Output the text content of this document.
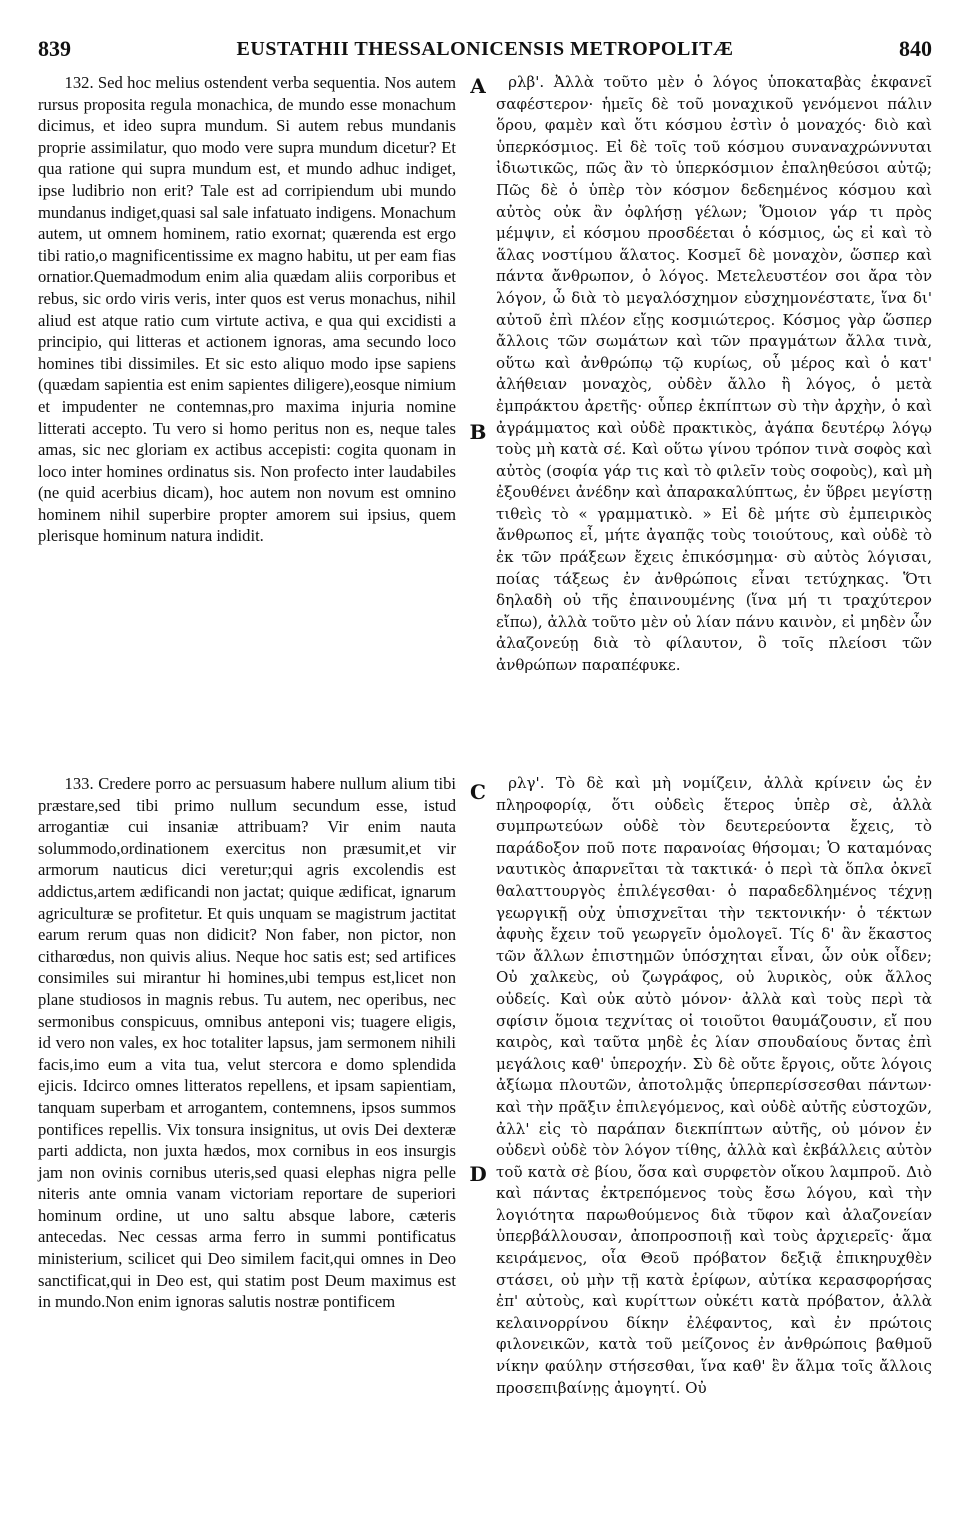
839	EUSTATHII THESSALONICENSIS METROPOLITÆ	840

132. Sed hoc melius ostendent verba sequentia. Nos autem rursus proposita regula monachica, de mundo esse monachum dicimus, et ideo supra mundum. Si autem rebus mundanis proprie assimilatur, quo modo vere supra mundum dicetur? Et qua ratione qui supra mundum est, et mundo adhuc indiget, ipse ludibrio non erit? Tale est ad corripiendum ubi mundo mundanus indiget,quasi sal sale infatuato indigens. Monachum autem, ut omnem hominem, ratio exornat; quærenda est ergo tibi ratio,o magnificentissime ex magno habitu, ut per eam fias ornatior.Quemadmodum enim alia quædam aliis corporibus et rebus, sic ordo viris veris, inter quos est verus monachus, nihil aliud est atque ratio cum virtute activa, e qua qui excidisti a principio, qui litteras et actionem ignoras, ama secundo loco homines tibi dissimiles. Et sic esto aliquo modo ipse sapiens (quædam sapientia est enim sapientes diligere),eosque nimium et impudenter ne contemnas,pro maxima injuria nomine litterati accepto. Tu vero si homo peritus non es, neque tales amas, sic nec gloriam ex actibus accepisti: cogita quonam in loco inter homines ordinatus sis. Non profecto inter laudabiles (ne quid acerbius dicam), hoc autem non novum est omnino hominem nihil superbire propter amorem sui ipsius, quem plerisque hominum natura indidit.

133. Credere porro ac persuasum habere nullum alium tibi præstare,sed tibi primo nullum secundum esse, istud arrogantiæ cui insaniæ attribuam? Vir enim nauta solummodo,ordinationem exercitus non præsumit,et vir armorum nauticus dici veretur;qui agris excolendis est addictus,artem ædificandi non jactat; quique ædificat, ignarum agriculturæ se profitetur. Et quis unquam se magistrum jactitat earum rerum quas non didicit? Non faber, non pictor, non citharœdus, non quivis alius. Neque hoc satis est; sed artifices consimiles sui mirantur hi homines,ubi tempus est,licet non plane studiosos in magnis rebus. Tu autem, nec operibus, nec sermonibus conspicuus, omnibus anteponi vis; tuagere eligis, id vero non vales, ex hoc totaliter lapsus, jam sermonem nihili facis,imo eum a vita tua, velut stercora e domo splendida ejicis. Idcirco omnes litteratos repellens, et ipsam sapientiam, tanquam superbam et arrogantem, contemnens, ipsos summos pontifices repellis. Vix tonsura insignitus, ut ovis Dei dexteræ parti addicta, non juxta hædos, mox cornibus in eos insurgis jam non ovinis cornibus uteris,sed quasi elephas nigra pelle niteris ante omnia vanam victoriam reportare de superiori hominum ordine, ut uno saltu absque labore, cæteris antecedas. Nec cessas arma ferro in summi pontificatus ministerium, scilicet qui Deo similem facit,qui omnes in Deo sanctificat,qui in Deo est, qui statim post Deum maximus est in mundo.Non enim ignoras salutis nostræ pontificem

A
B
C
D

ρλβ'. Ἀλλὰ τοῦτο μὲν ὁ λόγος ὑποκαταβὰς ἐκφανεῖ σαφέστερον· ἡμεῖς δὲ τοῦ μοναχικοῦ γενόμενοι πάλιν ὅρου, φαμὲν καὶ ὅτι κόσμου ἐστὶν ὁ μοναχός· διὸ καὶ ὑπερκόσμιος. Εἰ δὲ τοῖς τοῦ κόσμου συναναχρώννυται ἰδιωτικῶς, πῶς ἂν τὸ ὑπερκόσμιον ἐπαληθεύσοι αὐτῷ; Πῶς δὲ ὁ ὑπὲρ τὸν κόσμον δεδεημένος κόσμου καὶ αὐτὸς οὐκ ἂν ὀφλήσῃ γέλων; Ὅμοιον γάρ τι πρὸς μέμψιν, εἰ κόσμου προσδέεται ὁ κόσμιος, ὡς εἰ καὶ τὸ ἅλας νοστίμου ἅλατος. Κοσμεῖ δὲ μοναχὸν, ὥσπερ καὶ πάντα ἄνθρωπον, ὁ λόγος. Μετελευστέον σοι ἄρα τὸν λόγον, ὦ διὰ τὸ μεγαλόσχημον εὐσχημονέστατε, ἵνα δι' αὐτοῦ ἐπὶ πλέον εἴῃς κοσμιώτερος. Κόσμος γὰρ ὥσπερ ἄλλοις τῶν σωμάτων καὶ τῶν πραγμάτων ἄλλα τινὰ, οὕτω καὶ ἀνθρώπῳ τῷ κυρίως, οὗ μέρος καὶ ὁ κατ' ἀλήθειαν μοναχὸς, οὐδὲν ἄλλο ἢ λόγος, ὁ μετὰ ἐμπράκτου ἀρετῆς· οὗπερ ἐκπίπτων σὺ τὴν ἀρχὴν, ὁ καὶ ἀγράμματος καὶ οὐδὲ πρακτικὸς, ἀγάπα δευτέρῳ λόγῳ τοὺς μὴ κατὰ σέ. Καὶ οὕτω γίνου τρόπον τινὰ σοφὸς καὶ αὐτὸς (σοφία γάρ τις καὶ τὸ φιλεῖν τοὺς σοφοὺς), καὶ μὴ ἐξουθένει ἀνέδην καὶ ἀπαρακαλύπτως, ἐν ὕβρει μεγίστῃ τιθεὶς τὸ « γραμματικὸ. » Εἰ δὲ μήτε σὺ ἐμπειρικὸς ἄνθρωπος εἶ, μήτε ἀγαπᾷς τοὺς τοιούτους, καὶ οὐδὲ τὸ ἐκ τῶν πράξεων ἔχεις ἐπικόσμημα· σὺ αὐτὸς λόγισαι, ποίας τάξεως ἐν ἀνθρώποις εἶναι τετύχηκας. Ὅτι δηλαδὴ οὐ τῆς ἐπαινουμένης (ἵνα μή τι τραχύτερον εἴπω), ἀλλὰ τοῦτο μὲν οὐ λίαν πάνυ καινὸν, εἰ μηδὲν ὧν ἀλαζονεύῃ διὰ τὸ φίλαυτον, ὃ τοῖς πλείοσι τῶν ἀνθρώπων παραπέφυκε.

ρλγ'. Τὸ δὲ καὶ μὴ νομίζειν, ἀλλὰ κρίνειν ὡς ἐν πληροφορίᾳ, ὅτι οὐδεὶς ἕτερος ὑπὲρ σὲ, ἀλλὰ συμπρωτεύων οὐδὲ τὸν δευτερεύοντα ἔχεις, τὸ παράδοξον ποῦ ποτε παρανοίας θήσομαι; Ὁ καταμόνας ναυτικὸς ἀπαρνεῖται τὰ τακτικά· ὁ περὶ τὰ ὅπλα ὀκνεῖ θαλαττουργὸς ἐπιλέγεσθαι· ὁ παραδεδλημένος τέχνῃ γεωργικῇ οὐχ ὑπισχνεῖται τὴν τεκτονικήν· ὁ τέκτων ἀφυὴς ἔχειν τοῦ γεωργεῖν ὁμολογεῖ. Τίς δ' ἂν ἕκαστος τῶν ἄλλων ἐπιστημῶν ὑπόσχηται εἶναι, ὧν οὐκ οἶδεν; Οὐ χαλκεὺς, οὐ ζωγράφος, οὐ λυρικὸς, οὐκ ἄλλος οὐδείς. Καὶ οὐκ αὐτὸ μόνον· ἀλλὰ καὶ τοὺς περὶ τὰ σφίσιν ὅμοια τεχνίτας οἱ τοιοῦτοι θαυμάζουσιν, εἴ που καιρὸς, καὶ ταῦτα μηδὲ ἐς λίαν σπουδαίους ὄντας ἐπὶ μεγάλοις καθ' ὑπεροχήν. Σὺ δὲ οὔτε ἔργοις, οὔτε λόγοις ἀξίωμα πλουτῶν, ἀποτολμᾷς ὑπερπερίσσεσθαι πάντων· καὶ τὴν πρᾶξιν ἐπιλεγόμενος, καὶ οὐδὲ αὐτῆς εὐστοχῶν, ἀλλ' εἰς τὸ παράπαν διεκπίπτων αὐτῆς, οὐ μόνον ἐν οὐδενὶ οὐδὲ τὸν λόγον τίθης, ἀλλὰ καὶ ἐκβάλλεις αὐτὸν τοῦ κατὰ σὲ βίου, ὅσα καὶ συρφετὸν οἴκου λαμπροῦ. Διὸ καὶ πάντας ἐκτρεπόμενος τοὺς ἔσω λόγου, καὶ τὴν λογιότητα παρωθούμενος διὰ τῦφον καὶ ἀλαζονείαν ὑπερβάλλουσαν, ἀποπροσποιῇ καὶ τοὺς ἀρχιερεῖς· ἅμα κειράμενος, οἷα Θεοῦ πρόβατον δεξιᾷ ἐπικηρυχθὲν στάσει, οὐ μὴν τῇ κατὰ ἐρίφων, αὐτίκα κερασφορήσας ἐπ' αὐτοὺς, καὶ κυρίττων οὐκέτι κατὰ πρόβατον, ἀλλὰ κελαινορρίνου δίκην ἐλέφαντος, καὶ ἐν πρώτοις φιλονεικῶν, κατὰ τοῦ μείζονος ἐν ἀνθρώποις βαθμοῦ νίκην φαύλην στήσεσθαι, ἵνα καθ' ἓν ἅλμα τοῖς ἄλλοις προσεπιβαίνῃς ἀμογητί. Οὐ
